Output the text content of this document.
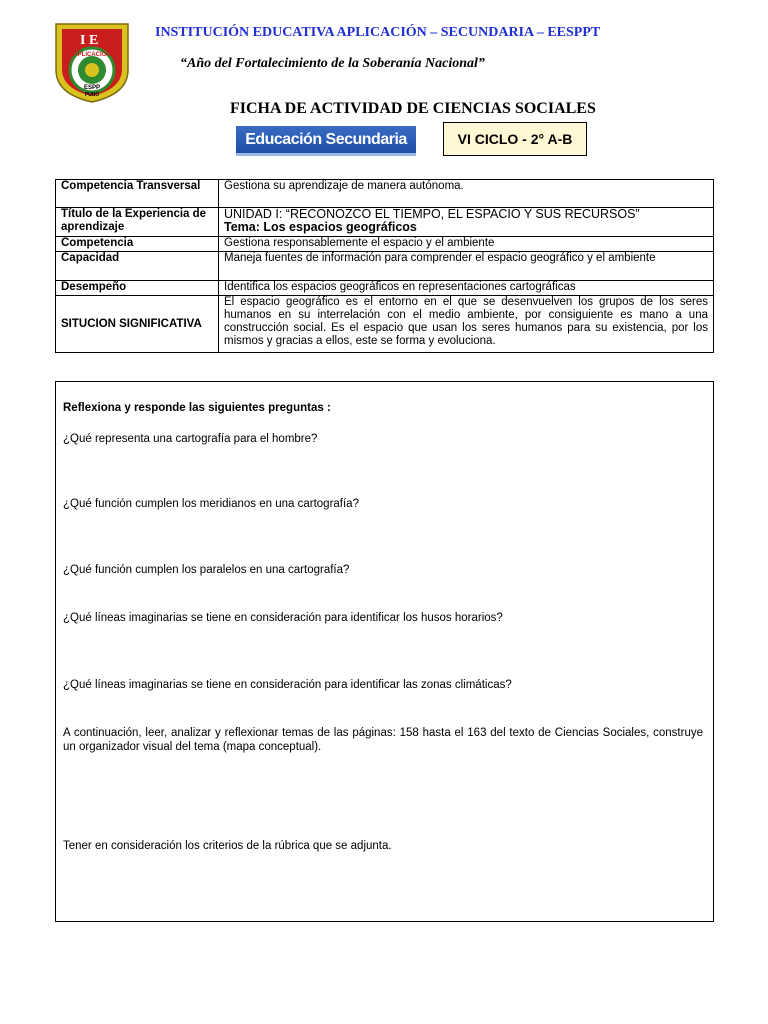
I E
APLICACIÓN
ESPP
PUNO
INSTITUCIÓN EDUCATIVA APLICACIÓN – SECUNDARIA – EESPPT
“Año del Fortalecimiento de la Soberanía Nacional”
FICHA DE ACTIVIDAD DE CIENCIAS SOCIALES
Educación Secundaria	VI CICLO - 2° A-B
Competencia Transversal	Gestiona su aprendizaje de manera autónoma.
Título de la Experiencia de aprendizaje	UNIDAD I: “RECONOZCO EL TIEMPO, EL ESPACIO Y SUS RECURSOS”
Tema: Los espacios geográficos

Competencia	Gestiona responsablemente el espacio y el ambiente
Capacidad	Maneja fuentes de información para comprender el espacio geográfico y el ambiente
Desempeño	Identifica los espacios geográficos en representaciones cartográficas
SITUCION SIGNIFICATIVA	El espacio geográfico es el entorno en el que se desenvuelven los grupos de los seres humanos en su interrelación con el medio ambiente, por consiguiente es mano a una construcción social. Es el espacio que usan los seres humanos para su existencia, por los mismos y gracias a ellos, este se forma y evoluciona.
Reflexiona y responde las siguientes preguntas :
¿Qué representa una cartografía para el hombre?
¿Qué función cumplen los meridianos en una cartografía?
¿Qué función cumplen los paralelos en una cartografía?
¿Qué líneas imaginarias se tiene en consideración para identificar los husos horarios?
¿Qué líneas imaginarias se tiene en consideración para identificar las zonas climáticas?
A continuación, leer, analizar y reflexionar temas de las páginas: 158 hasta el 163 del texto de Ciencias Sociales, construye un organizador visual del tema (mapa conceptual).
Tener en consideración los criterios de la rúbrica que se adjunta.
